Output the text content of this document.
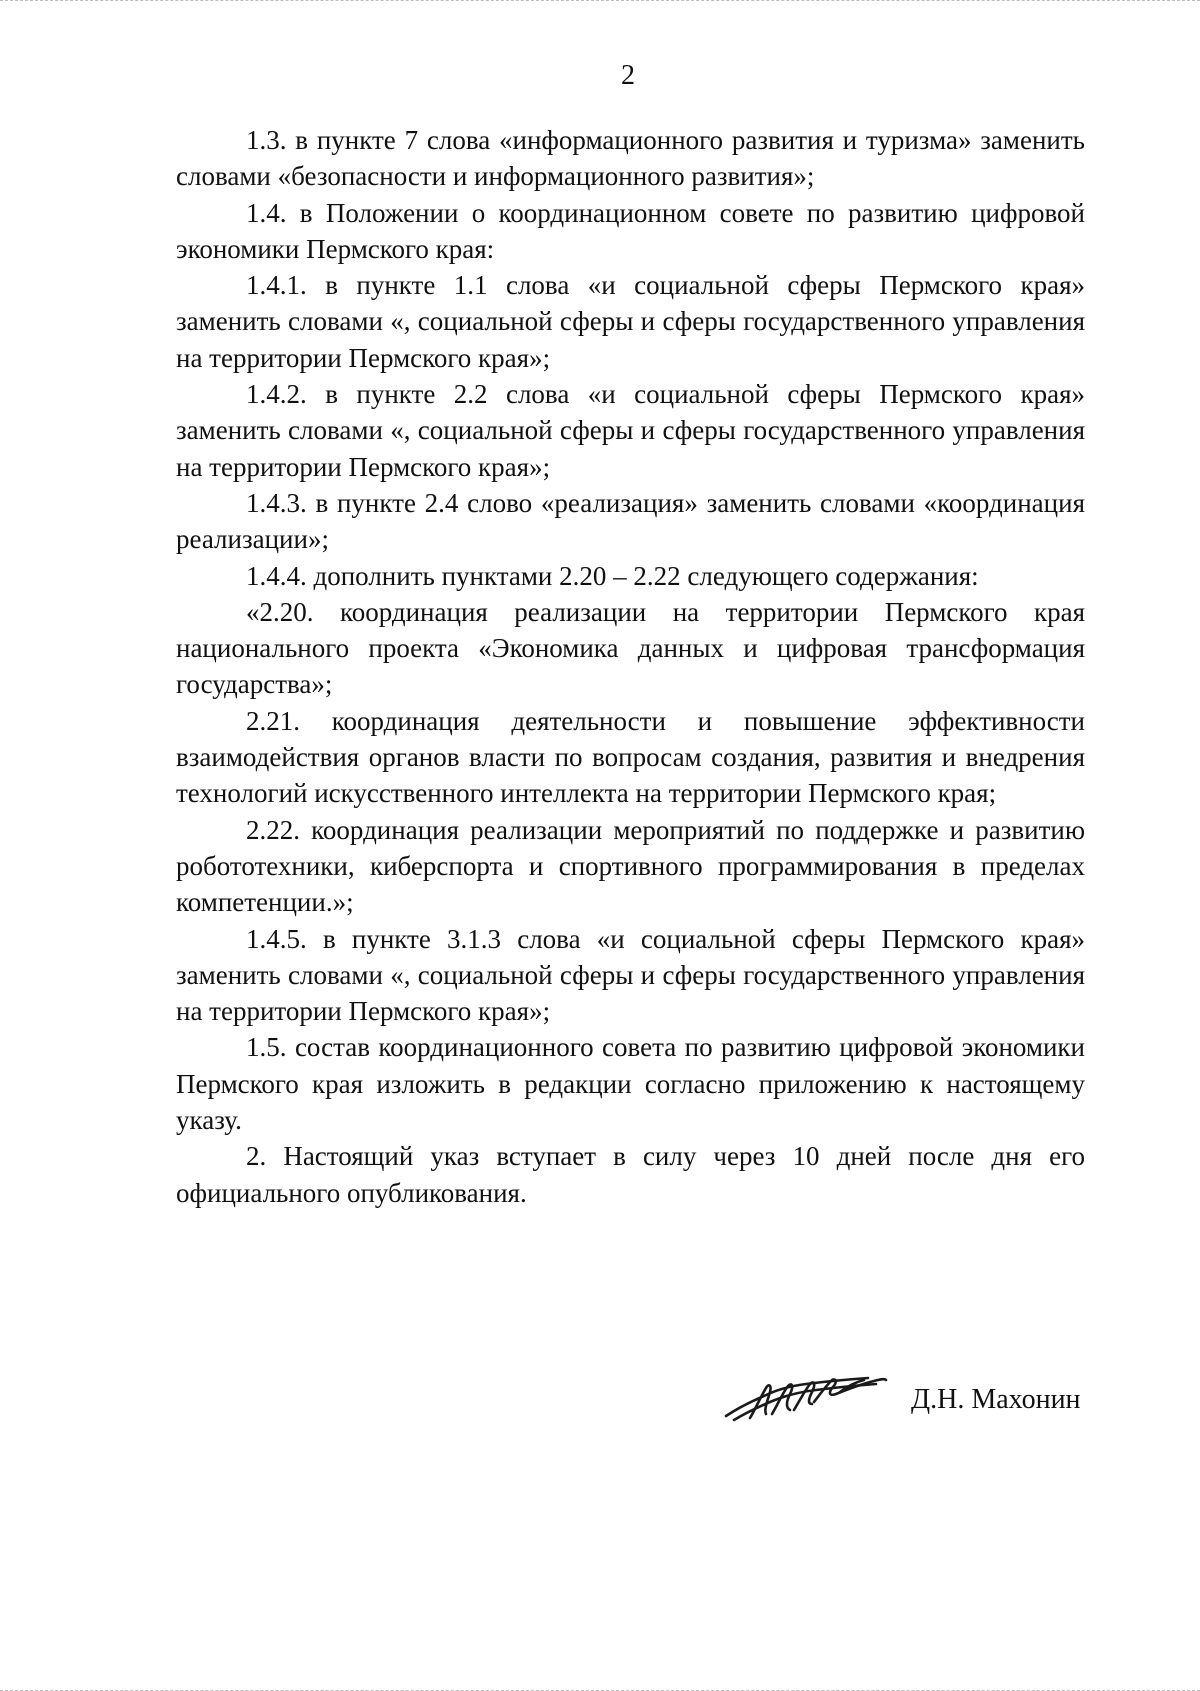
2

1.3. в пункте 7 слова «информационного развития и туризма» заменить словами «безопасности и информационного развития»;

1.4. в Положении о координационном совете по развитию цифровой экономики Пермского края:

1.4.1. в пункте 1.1 слова «и социальной сферы Пермского края» заменить словами «, социальной сферы и сферы государственного управления на территории Пермского края»;

1.4.2. в пункте 2.2 слова «и социальной сферы Пермского края» заменить словами «, социальной сферы и сферы государственного управления на территории Пермского края»;

1.4.3. в пункте 2.4 слово «реализация» заменить словами «координация реализации»;

1.4.4. дополнить пунктами 2.20 – 2.22 следующего содержания:

«2.20. координация реализации на территории Пермского края национального проекта «Экономика данных и цифровая трансформация государства»;

2.21. координация деятельности и повышение эффективности взаимодействия органов власти по вопросам создания, развития и внедрения технологий искусственного интеллекта на территории Пермского края;

2.22. координация реализации мероприятий по поддержке и развитию робототехники, киберспорта и спортивного программирования в пределах компетенции.»;

1.4.5. в пункте 3.1.3 слова «и социальной сферы Пермского края» заменить словами «, социальной сферы и сферы государственного управления на территории Пермского края»;

1.5. состав координационного совета по развитию цифровой экономики Пермского края изложить в редакции согласно приложению к настоящему указу.

2. Настоящий указ вступает в силу через 10 дней после дня его официального опубликования.

Д.Н. Махонин
